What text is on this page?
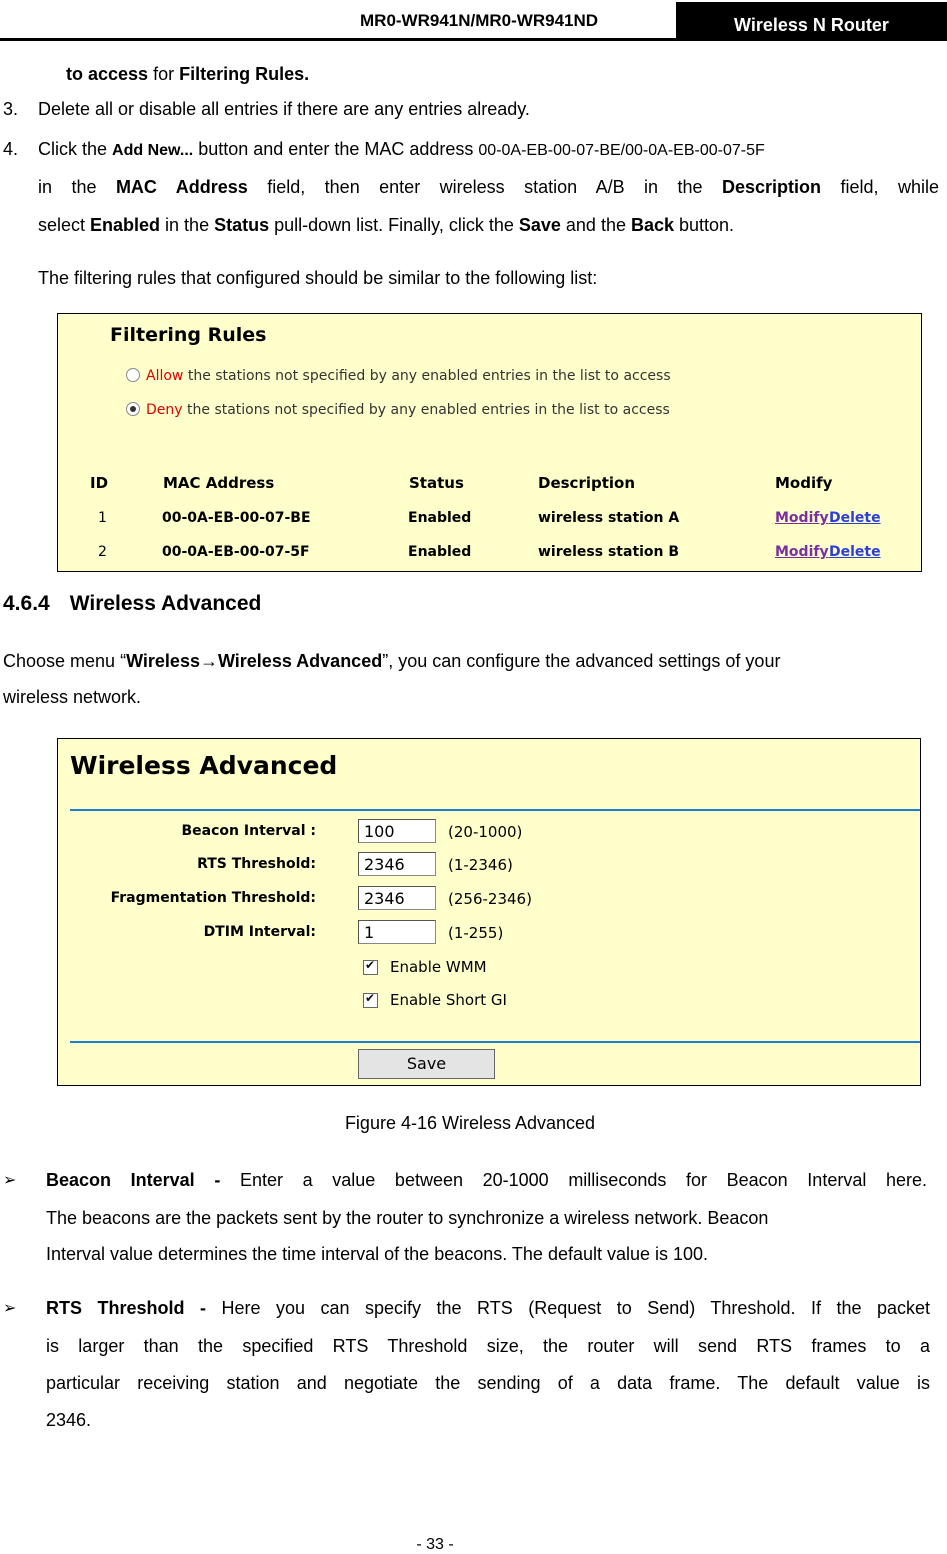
MR0-WR941N/MR0-WR941ND	Wireless N Router
to access for Filtering Rules.
3. Delete all or disable all entries if there are any entries already.
4. Click the Add New... button and enter the MAC address 00-0A-EB-00-07-BE/00-0A-EB-00-07-5F
in the MAC Address field, then enter wireless station A/B in the Description field, while
select Enabled in the Status pull-down list. Finally, click the Save and the Back button.
The filtering rules that configured should be similar to the following list:
Filtering Rules
Allow the stations not specified by any enabled entries in the list to access
Deny the stations not specified by any enabled entries in the list to access
ID	MAC Address	Status	Description	Modify
1	00-0A-EB-00-07-BE	Enabled	wireless station A	Modify Delete
2	00-0A-EB-00-07-5F	Enabled	wireless station B	Modify Delete
4.6.4 Wireless Advanced
Choose menu “Wireless→Wireless Advanced”, you can configure the advanced settings of your
wireless network.
Wireless Advanced
Beacon Interval :	100	(20-1000)
RTS Threshold:	2346	(1-2346)
Fragmentation Threshold:	2346	(256-2346)
DTIM Interval:	1	(1-255)
✔
Enable WMM
✔
Enable Short GI
Save
Figure 4-16 Wireless Advanced
➢ Beacon Interval - Enter a value between 20-1000 milliseconds for Beacon Interval here.
The beacons are the packets sent by the router to synchronize a wireless network. Beacon
Interval value determines the time interval of the beacons. The default value is 100.
➢ RTS Threshold - Here you can specify the RTS (Request to Send) Threshold. If the packet
is larger than the specified RTS Threshold size, the router will send RTS frames to a
particular receiving station and negotiate the sending of a data frame. The default value is
2346.
- 33 -
